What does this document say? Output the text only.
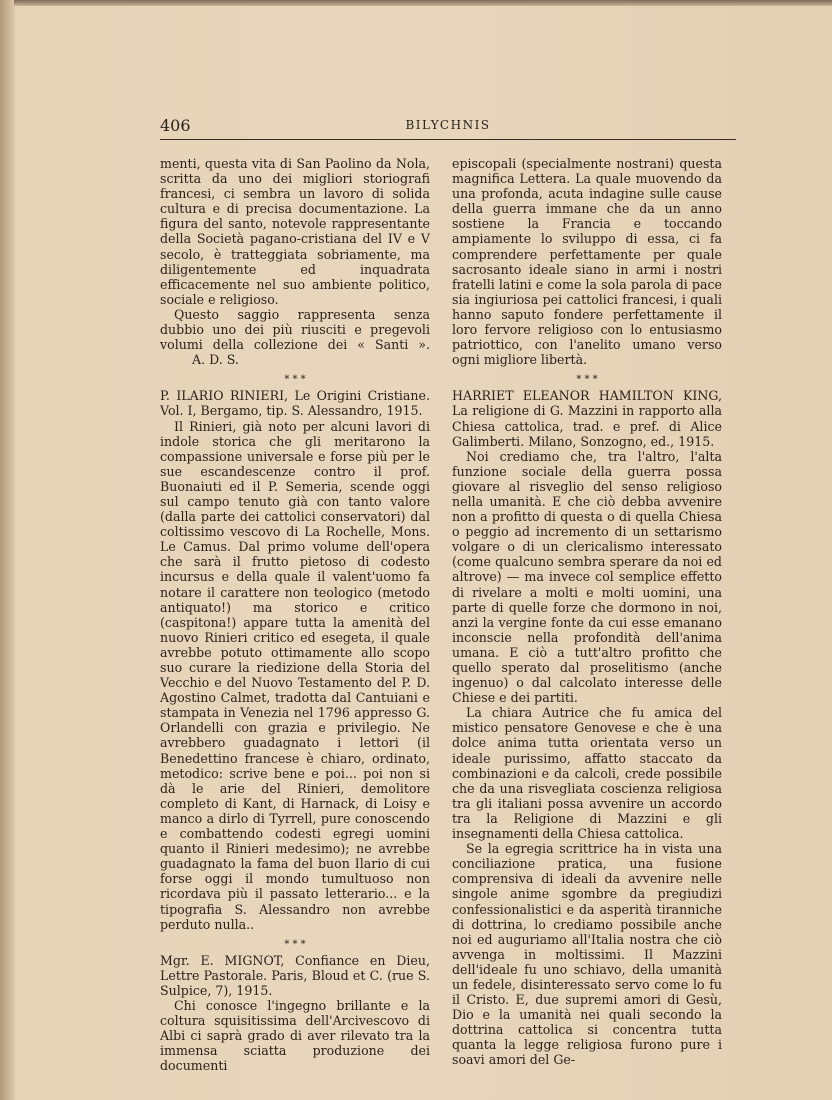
406	BILYCHNIS

menti, questa vita di San Paolino da Nola, scritta da uno dei migliori storiografi francesi, ci sembra un lavoro di solida cultura e di precisa documentazione. La figura del santo, notevole rappresentante della Società pagano-cristiana del IV e V secolo, è tratteggiata sobriamente, ma diligentemente ed inquadrata efficacemente nel suo ambiente politico, sociale e religioso.

Questo saggio rappresenta senza dubbio uno dei più riusciti e pregevoli volumi della collezione dei « Santi ».A. D. S.

* * *

P. ILARIO RINIERI, Le Origini Cristiane. Vol. I, Bergamo, tip. S. Alessandro, 1915.

Il Rinieri, già noto per alcuni lavori di indole storica che gli meritarono la compassione universale e forse più per le sue escandescenze contro il prof. Buonaiuti ed il P. Semeria, scende oggi sul campo tenuto già con tanto valore (dalla parte dei cattolici conservatori) dal coltissimo vescovo di La Rochelle, Mons. Le Camus. Dal primo volume dell'opera che sarà il frutto pietoso di codesto incursus e della quale il valent'uomo fa notare il carattere non teologico (metodo antiquato!) ma storico e critico (caspitona!) appare tutta la amenità del nuovo Rinieri critico ed esegeta, il quale avrebbe potuto ottimamente allo scopo suo curare la riedizione della Storia del Vecchio e del Nuovo Testamento del P. D. Agostino Calmet, tradotta dal Cantuiani e stampata in Venezia nel 1796 appresso G. Orlandelli con grazia e privilegio. Ne avrebbero guadagnato i lettori (il Benedettino francese è chiaro, ordinato, metodico: scrive bene e poi... poi non si dà le arie del Rinieri, demolitore completo di Kant, di Harnack, di Loisy e manco a dirlo di Tyrrell, pure conoscendo e combattendo codesti egregi uomini quanto il Rinieri medesimo); ne avrebbe guadagnato la fama del buon Ilario di cui forse oggi il mondo tumultuoso non ricordava più il passato letterario... e la tipografia S. Alessandro non avrebbe perduto nulla..

* * *

Mgr. E. MIGNOT, Confiance en Dieu, Lettre Pastorale. Paris, Bloud et C. (rue S. Sulpice, 7), 1915.

Chi conosce l'ingegno brillante e la coltura squisitissima dell'Arcivescovo di Albi ci saprà grado di aver rilevato tra la immensa sciatta produzione dei documenti

episcopali (specialmente nostrani) questa magnifica Lettera. La quale muovendo da una profonda, acuta indagine sulle cause della guerra immane che da un anno sostiene la Francia e toccando ampiamente lo sviluppo di essa, ci fa comprendere perfettamente per quale sacrosanto ideale siano in armi i nostri fratelli latini e come la sola parola di pace sia ingiuriosa pei cattolici francesi, i quali hanno saputo fondere perfettamente il loro fervore religioso con lo entusiasmo patriottico, con l'anelito umano verso ogni migliore libertà.

* * *

HARRIET ELEANOR HAMILTON KING, La religione di G. Mazzini in rapporto alla Chiesa cattolica, trad. e pref. di Alice Galimberti. Milano, Sonzogno, ed., 1915.

Noi crediamo che, tra l'altro, l'alta funzione sociale della guerra possa giovare al risveglio del senso religioso nella umanità. E che ciò debba avvenire non a profitto di questa o di quella Chiesa o peggio ad incremento di un settarismo volgare o di un clericalismo interessato (come qualcuno sembra sperare da noi ed altrove) — ma invece col semplice effetto di rivelare a molti e molti uomini, una parte di quelle forze che dormono in noi, anzi la vergine fonte da cui esse emanano inconscie nella profondità dell'anima umana. E ciò a tutt'altro profitto che quello sperato dal proselitismo (anche ingenuo) o dal calcolato interesse delle Chiese e dei partiti.

La chiara Autrice che fu amica del mistico pensatore Genovese e che è una dolce anima tutta orientata verso un ideale purissimo, affatto staccato da combinazioni e da calcoli, crede possibile che da una risvegliata coscienza religiosa tra gli italiani possa avvenire un accordo tra la Religione di Mazzini e gli insegnamenti della Chiesa cattolica.

Se la egregia scrittrice ha in vista una conciliazione pratica, una fusione comprensiva di ideali da avvenire nelle singole anime sgombre da pregiudizi confessionalistici e da asperità tiranniche di dottrina, lo crediamo possibile anche noi ed auguriamo all'Italia nostra che ciò avvenga in moltissimi. Il Mazzini dell'ideale fu uno schiavo, della umanità un fedele, disinteressato servo come lo fu il Cristo. E, due supremi amori di Gesù, Dio e la umanità nei quali secondo la dottrina cattolica si concentra tutta quanta la legge religiosa furono pure i soavi amori del Ge-
